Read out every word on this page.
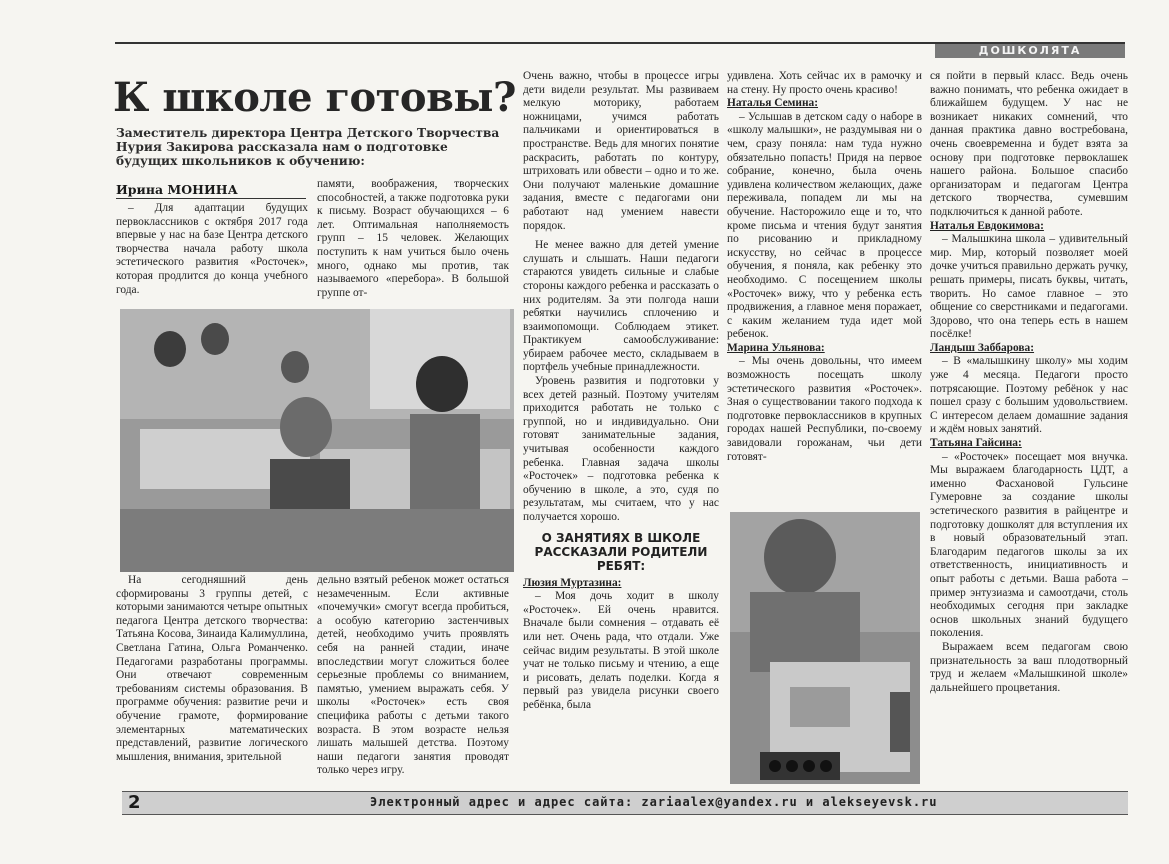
ДОШКОЛЯТА
К школе готовы?
Заместитель директора Центра Детского Творчества Нурия Закирова рассказала нам о подготовке будущих школьников к обучению:
Ирина МОНИНА

– Для адаптации будущих первоклассников с октября 2017 года впервые у нас на базе Центра детского творчества начала работу школа эстетического развития «Росточек», которая продлится до конца учебного года.

памяти, воображения, творческих способностей, а также подготовка руки к письму. Возраст обучающихся – 6 лет. Оптимальная наполняемость групп – 15 человек. Желающих поступить к нам учиться было очень много, однако мы против, так называемого «перебора». В большой группе от-

На сегодняшний день сформированы 3 группы детей, с которыми занимаются четыре опытных педагога Центра детского творчества: Татьяна Косова, Зинаида Калимуллина, Светлана Гатина, Ольга Романченко. Педагогами разработаны программы. Они отвечают современным требованиям системы образования. В программе обучения: развитие речи и обучение грамоте, формирование элементарных математических представлений, развитие логического мышления, внимания, зрительной

дельно взятый ребенок может остаться незамеченным. Если активные «почемучки» смогут всегда пробиться, а особую категорию застенчивых детей, необходимо учить проявлять себя на ранней стадии, иначе впоследствии могут сложиться более серьезные проблемы со вниманием, памятью, умением выражать себя. У школы «Росточек» есть своя специфика работы с детьми такого возраста. В этом возрасте нельзя лишать малышей детства. Поэтому наши педагоги занятия проводят только через игру.

Очень важно, чтобы в процессе игры дети видели результат. Мы развиваем мелкую моторику, работаем ножницами, учимся работать пальчиками и ориентироваться в пространстве. Ведь для многих понятие раскрасить, работать по контуру, штриховать или обвести – одно и то же. Они получают маленькие домашние задания, вместе с педагогами они работают над умением навести порядок.

Не менее важно для детей умение слушать и слышать. Наши педагоги стараются увидеть сильные и слабые стороны каждого ребенка и рассказать о них родителям. За эти полгода наши ребятки научились сплочению и взаимопомощи. Соблюдаем этикет. Практикуем самообслуживание: убираем рабочее место, складываем в портфель учебные принадлежности.

Уровень развития и подготовки у всех детей разный. Поэтому учителям приходится работать не только с группой, но и индивидуально. Они готовят занимательные задания, учитывая особенности каждого ребенка. Главная задача школы «Росточек» – подготовка ребенка к обучению в школе, а это, судя по результатам, мы считаем, что у нас получается хорошо.

О ЗАНЯТИЯХ В ШКОЛЕ РАССКАЗАЛИ РОДИТЕЛИ РЕБЯТ:

Люзия Муртазина:

– Моя дочь ходит в школу «Росточек». Ей очень нравится. Вначале были сомнения – отдавать её или нет. Очень рада, что отдали. Уже сейчас видим результаты. В этой школе учат не только письму и чтению, а еще и рисовать, делать поделки. Когда я первый раз увидела рисунки своего ребёнка, была

удивлена. Хоть сейчас их в рамочку и на стену. Ну просто очень красиво!

Наталья Семина:

– Услышав в детском саду о наборе в «школу малышки», не раздумывая ни о чем, сразу поняла: нам туда нужно обязательно попасть! Придя на первое собрание, конечно, была очень удивлена количеством желающих, даже переживала, попадем ли мы на обучение. Насторожило еще и то, что кроме письма и чтения будут занятия по рисованию и прикладному искусству, но сейчас в процессе обучения, я поняла, как ребенку это необходимо. С посещением школы «Росточек» вижу, что у ребенка есть продвижения, а главное меня поражает, с каким желанием туда идет мой ребенок.

Марина Ульянова:

– Мы очень довольны, что имеем возможность посещать школу эстетического развития «Росточек». Зная о существовании такого подхода к подготовке первоклассников в крупных городах нашей Республики, по-своему завидовали горожанам, чьи дети готовят-

ся пойти в первый класс. Ведь очень важно понимать, что ребенка ожидает в ближайшем будущем. У нас не возникает никаких сомнений, что данная практика давно востребована, очень своевременна и будет взята за основу при подготовке первоклашек нашего района. Большое спасибо организаторам и педагогам Центра детского творчества, сумевшим подключиться к данной работе.

Наталья Евдокимова:

– Малышкина школа – удивительный мир. Мир, который позволяет моей дочке учиться правильно держать ручку, решать примеры, писать буквы, читать, творить. Но самое главное – это общение со сверстниками и педагогами. Здорово, что она теперь есть в нашем посёлке!

Ландыш Заббарова:

– В «малышкину школу» мы ходим уже 4 месяца. Педагоги просто потрясающие. Поэтому ребёнок у нас пошел сразу с большим удовольствием. С интересом делаем домашние задания и ждём новых занятий.

Татьяна Гайсина:

– «Росточек» посещает моя внучка. Мы выражаем благодарность ЦДТ, а именно Фасхановой Гульсине Гумеровне за создание школы эстетического развития в райцентре и подготовку дошколят для вступления их в новый образовательный этап. Благодарим педагогов школы за их ответственность, инициативность и опыт работы с детьми. Ваша работа – пример энтузиазма и самоотдачи, столь необходимых сегодня при закладке основ школьных знаний будущего поколения.

Выражаем всем педагогам свою признательность за ваш плодотворный труд и желаем «Малышкиной школе» дальнейшего процветания.

2	Электронный адрес и адрес сайта: zariaalex@yandex.ru и alekseyevsk.ru
